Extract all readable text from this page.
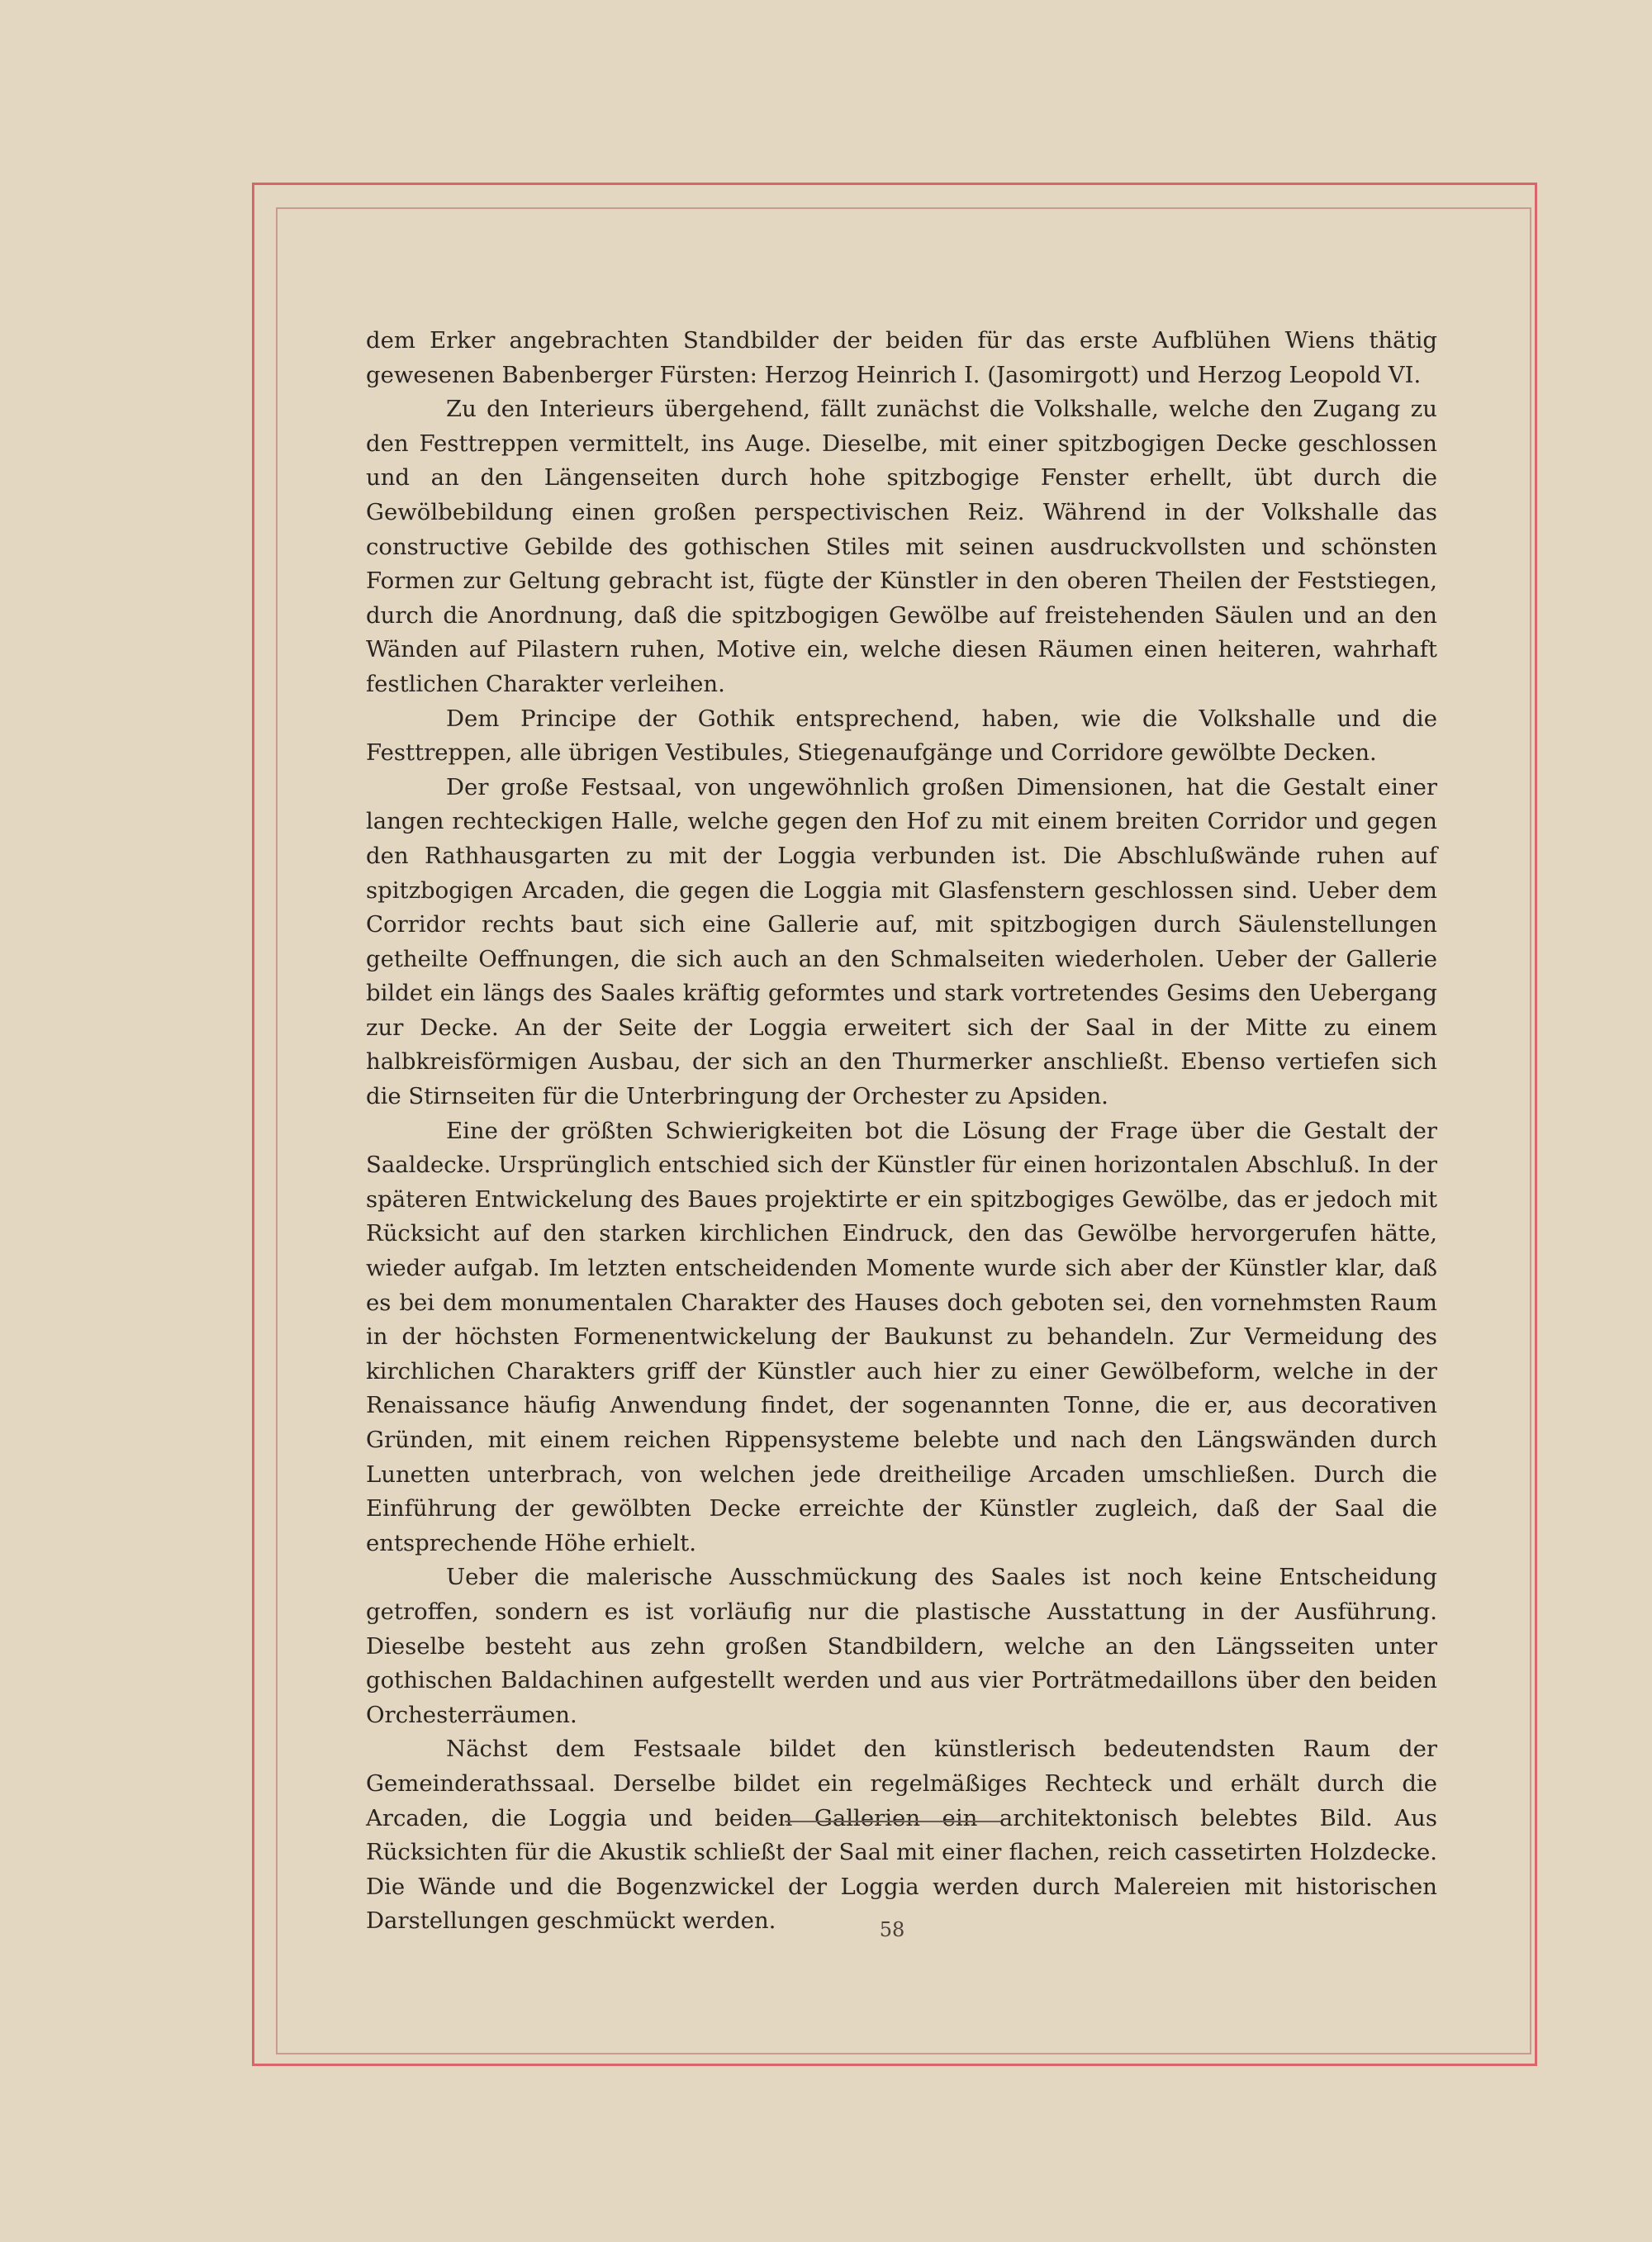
dem Erker angebrachten Standbilder der beiden für das erste Aufblühen Wiens thätig gewesenen Babenberger Fürsten: Herzog Heinrich I. (Jasomirgott) und Herzog Leopold VI.

Zu den Interieurs übergehend, fällt zunächst die Volkshalle, welche den Zugang zu den Festtreppen vermittelt, ins Auge. Dieselbe, mit einer spitzbogigen Decke geschlossen und an den Längenseiten durch hohe spitzbogige Fenster erhellt, übt durch die Gewölbebildung einen großen perspectivischen Reiz. Während in der Volkshalle das constructive Gebilde des gothischen Stiles mit seinen ausdruckvollsten und schönsten Formen zur Geltung gebracht ist, fügte der Künstler in den oberen Theilen der Feststiegen, durch die Anordnung, daß die spitzbogigen Gewölbe auf freistehenden Säulen und an den Wänden auf Pilastern ruhen, Motive ein, welche diesen Räumen einen heiteren, wahrhaft festlichen Charakter verleihen.

Dem Principe der Gothik entsprechend, haben, wie die Volkshalle und die Festtreppen, alle übrigen Vestibules, Stiegenaufgänge und Corridore gewölbte Decken.

Der große Festsaal, von ungewöhnlich großen Dimensionen, hat die Gestalt einer langen rechteckigen Halle, welche gegen den Hof zu mit einem breiten Corridor und gegen den Rathhausgarten zu mit der Loggia verbunden ist. Die Abschlußwände ruhen auf spitzbogigen Arcaden, die gegen die Loggia mit Glasfenstern geschlossen sind. Ueber dem Corridor rechts baut sich eine Gallerie auf, mit spitzbogigen durch Säulenstellungen getheilte Oeffnungen, die sich auch an den Schmalseiten wiederholen. Ueber der Gallerie bildet ein längs des Saales kräftig geformtes und stark vortretendes Gesims den Uebergang zur Decke. An der Seite der Loggia erweitert sich der Saal in der Mitte zu einem halbkreisförmigen Ausbau, der sich an den Thurmerker anschließt. Ebenso vertiefen sich die Stirnseiten für die Unterbringung der Orchester zu Apsiden.

Eine der größten Schwierigkeiten bot die Lösung der Frage über die Gestalt der Saaldecke. Ursprünglich entschied sich der Künstler für einen horizontalen Abschluß. In der späteren Entwickelung des Baues projektirte er ein spitzbogiges Gewölbe, das er jedoch mit Rücksicht auf den starken kirchlichen Eindruck, den das Gewölbe hervorgerufen hätte, wieder aufgab. Im letzten entscheidenden Momente wurde sich aber der Künstler klar, daß es bei dem monumentalen Charakter des Hauses doch geboten sei, den vornehmsten Raum in der höchsten Formenentwickelung der Baukunst zu behandeln. Zur Vermeidung des kirchlichen Charakters griff der Künstler auch hier zu einer Gewölbeform, welche in der Renaissance häufig Anwendung findet, der sogenannten Tonne, die er, aus decorativen Gründen, mit einem reichen Rippensysteme belebte und nach den Längswänden durch Lunetten unterbrach, von welchen jede dreitheilige Arcaden umschließen. Durch die Einführung der gewölbten Decke erreichte der Künstler zugleich, daß der Saal die entsprechende Höhe erhielt.

Ueber die malerische Ausschmückung des Saales ist noch keine Entscheidung getroffen, sondern es ist vorläufig nur die plastische Ausstattung in der Ausführung. Dieselbe besteht aus zehn großen Standbildern, welche an den Längsseiten unter gothischen Baldachinen aufgestellt werden und aus vier Porträtmedaillons über den beiden Orchesterräumen.

Nächst dem Festsaale bildet den künstlerisch bedeutendsten Raum der Gemeinderathssaal. Derselbe bildet ein regelmäßiges Rechteck und erhält durch die Arcaden, die Loggia und beiden Gallerien ein architektonisch belebtes Bild. Aus Rücksichten für die Akustik schließt der Saal mit einer flachen, reich cassetirten Holzdecke. Die Wände und die Bogenzwickel der Loggia werden durch Malereien mit historischen Darstellungen geschmückt werden.	58
